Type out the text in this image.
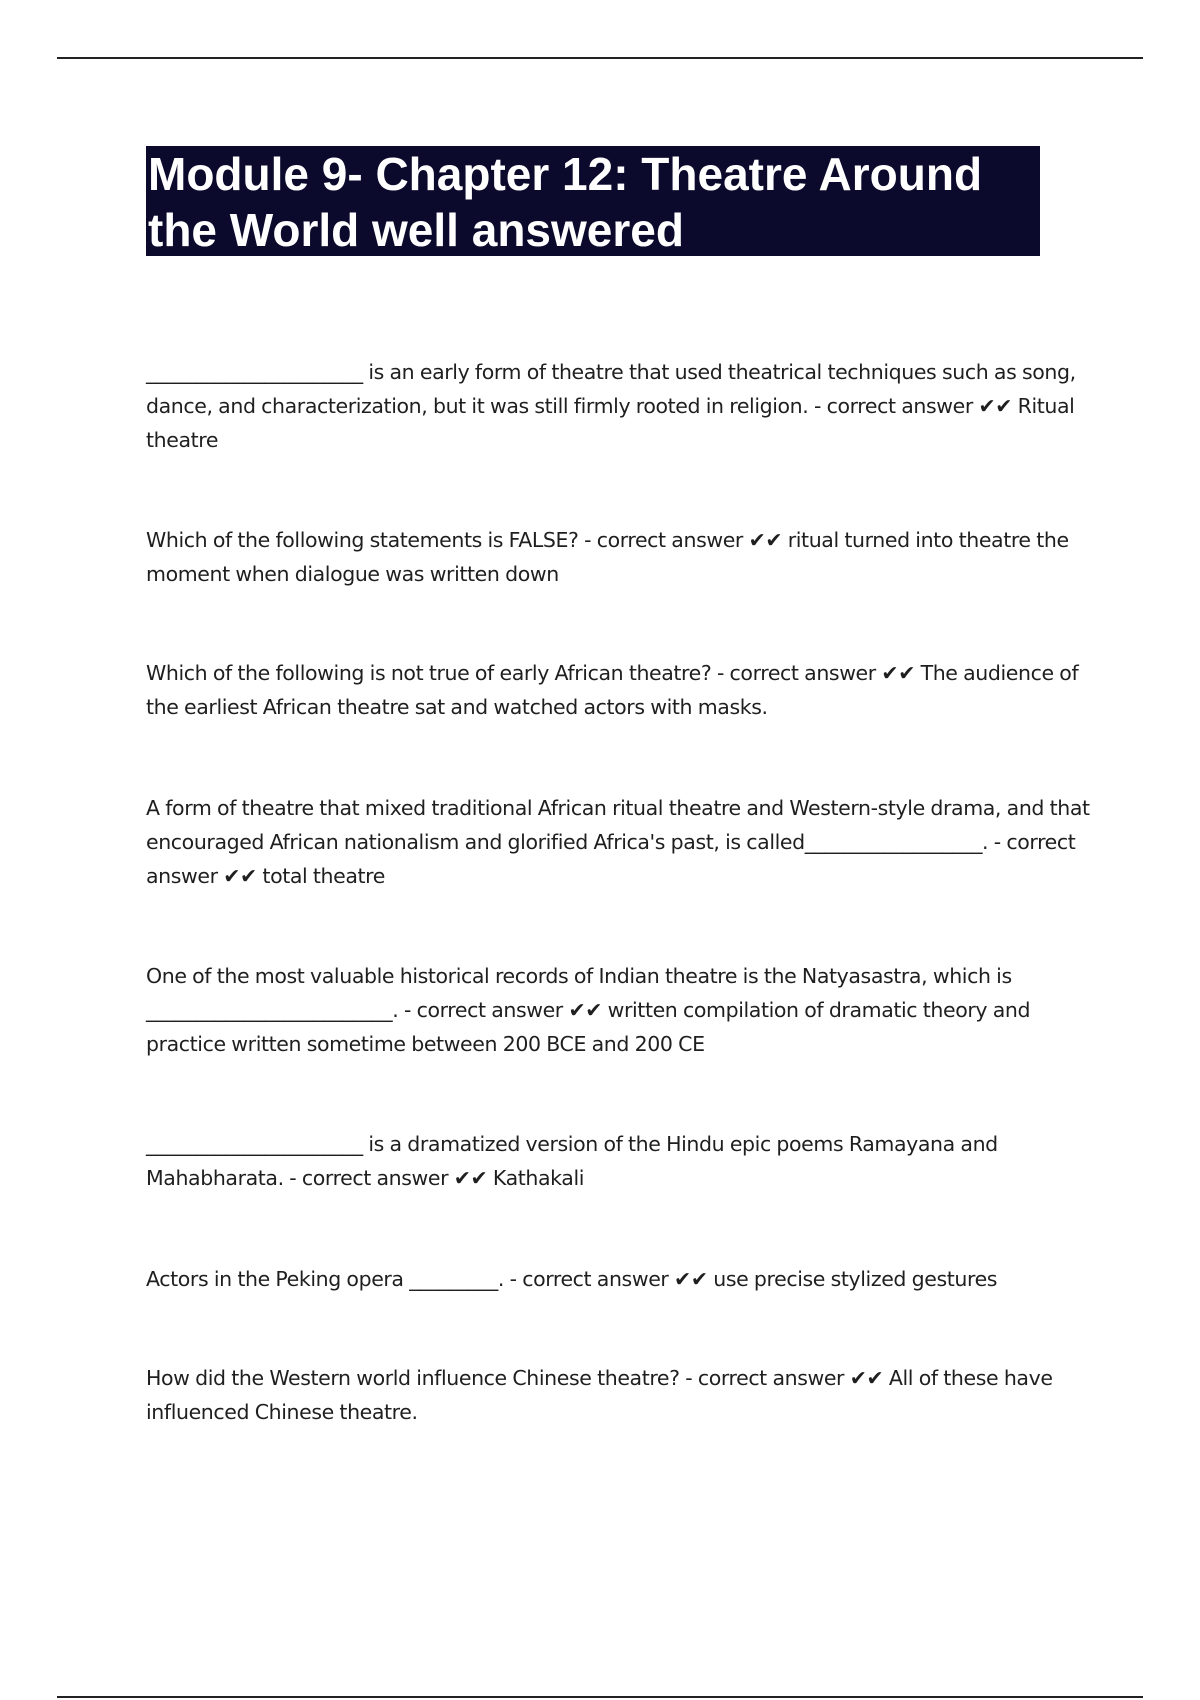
Module 9- Chapter 12: Theatre Around the World well answered

______________________ is an early form of theatre that used theatrical techniques such as song, dance, and characterization, but it was still firmly rooted in religion. - correct answer ✔✔ Ritual theatre

Which of the following statements is FALSE? - correct answer ✔✔ ritual turned into theatre the moment when dialogue was written down

Which of the following is not true of early African theatre? - correct answer ✔✔ The audience of the earliest African theatre sat and watched actors with masks.

A form of theatre that mixed traditional African ritual theatre and Western-style drama, and that encouraged African nationalism and glorified Africa's past, is called__________________. - correct answer ✔✔ total theatre

One of the most valuable historical records of Indian theatre is the Natyasastra, which is _________________________. - correct answer ✔✔ written compilation of dramatic theory and practice written sometime between 200 BCE and 200 CE

______________________ is a dramatized version of the Hindu epic poems Ramayana and Mahabharata. - correct answer ✔✔ Kathakali

Actors in the Peking opera _________. - correct answer ✔✔ use precise stylized gestures

How did the Western world influence Chinese theatre? - correct answer ✔✔ All of these have influenced Chinese theatre.
